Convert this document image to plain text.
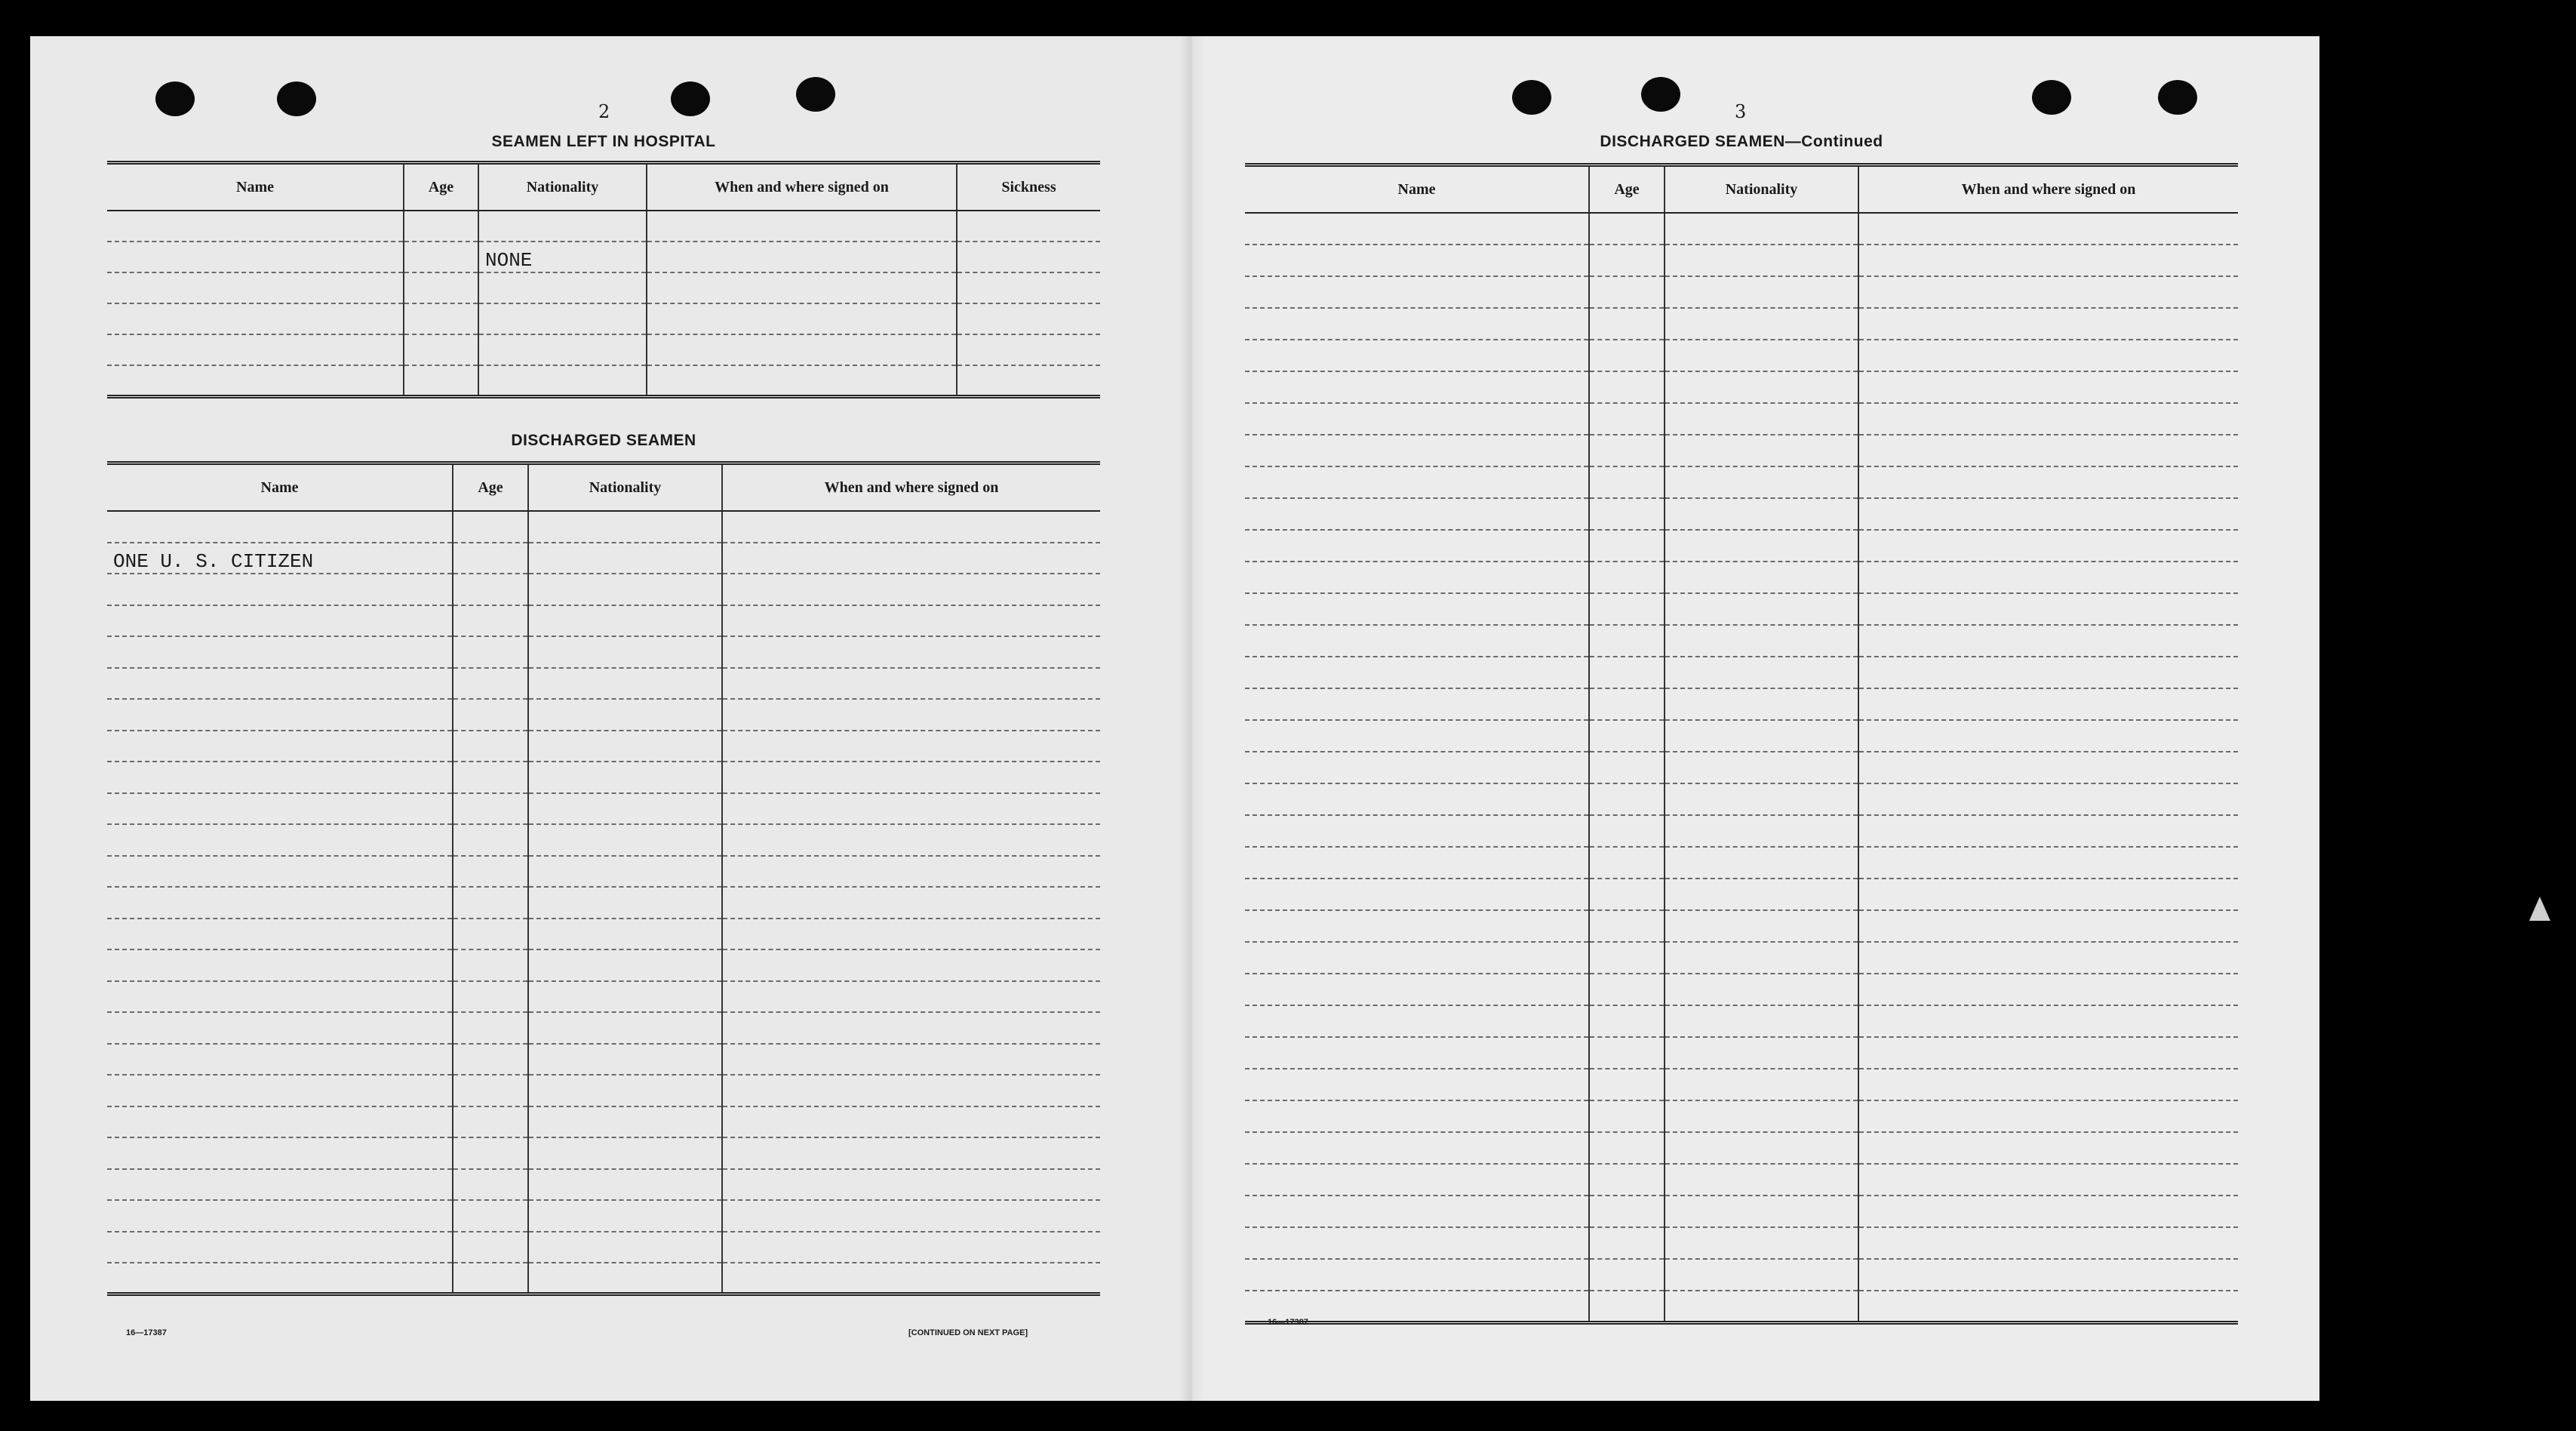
2
SEAMEN LEFT IN HOSPITAL
Name	Age	Nationality	When and where signed on	Sickness

		NONE		

DISCHARGED SEAMEN
Name	Age	Nationality	When and where signed on

ONE U. S. CITIZEN			

16—17387	[CONTINUED ON NEXT PAGE]
3
DISCHARGED SEAMEN—Continued
Name	Age	Nationality	When and where signed on

16—17387
